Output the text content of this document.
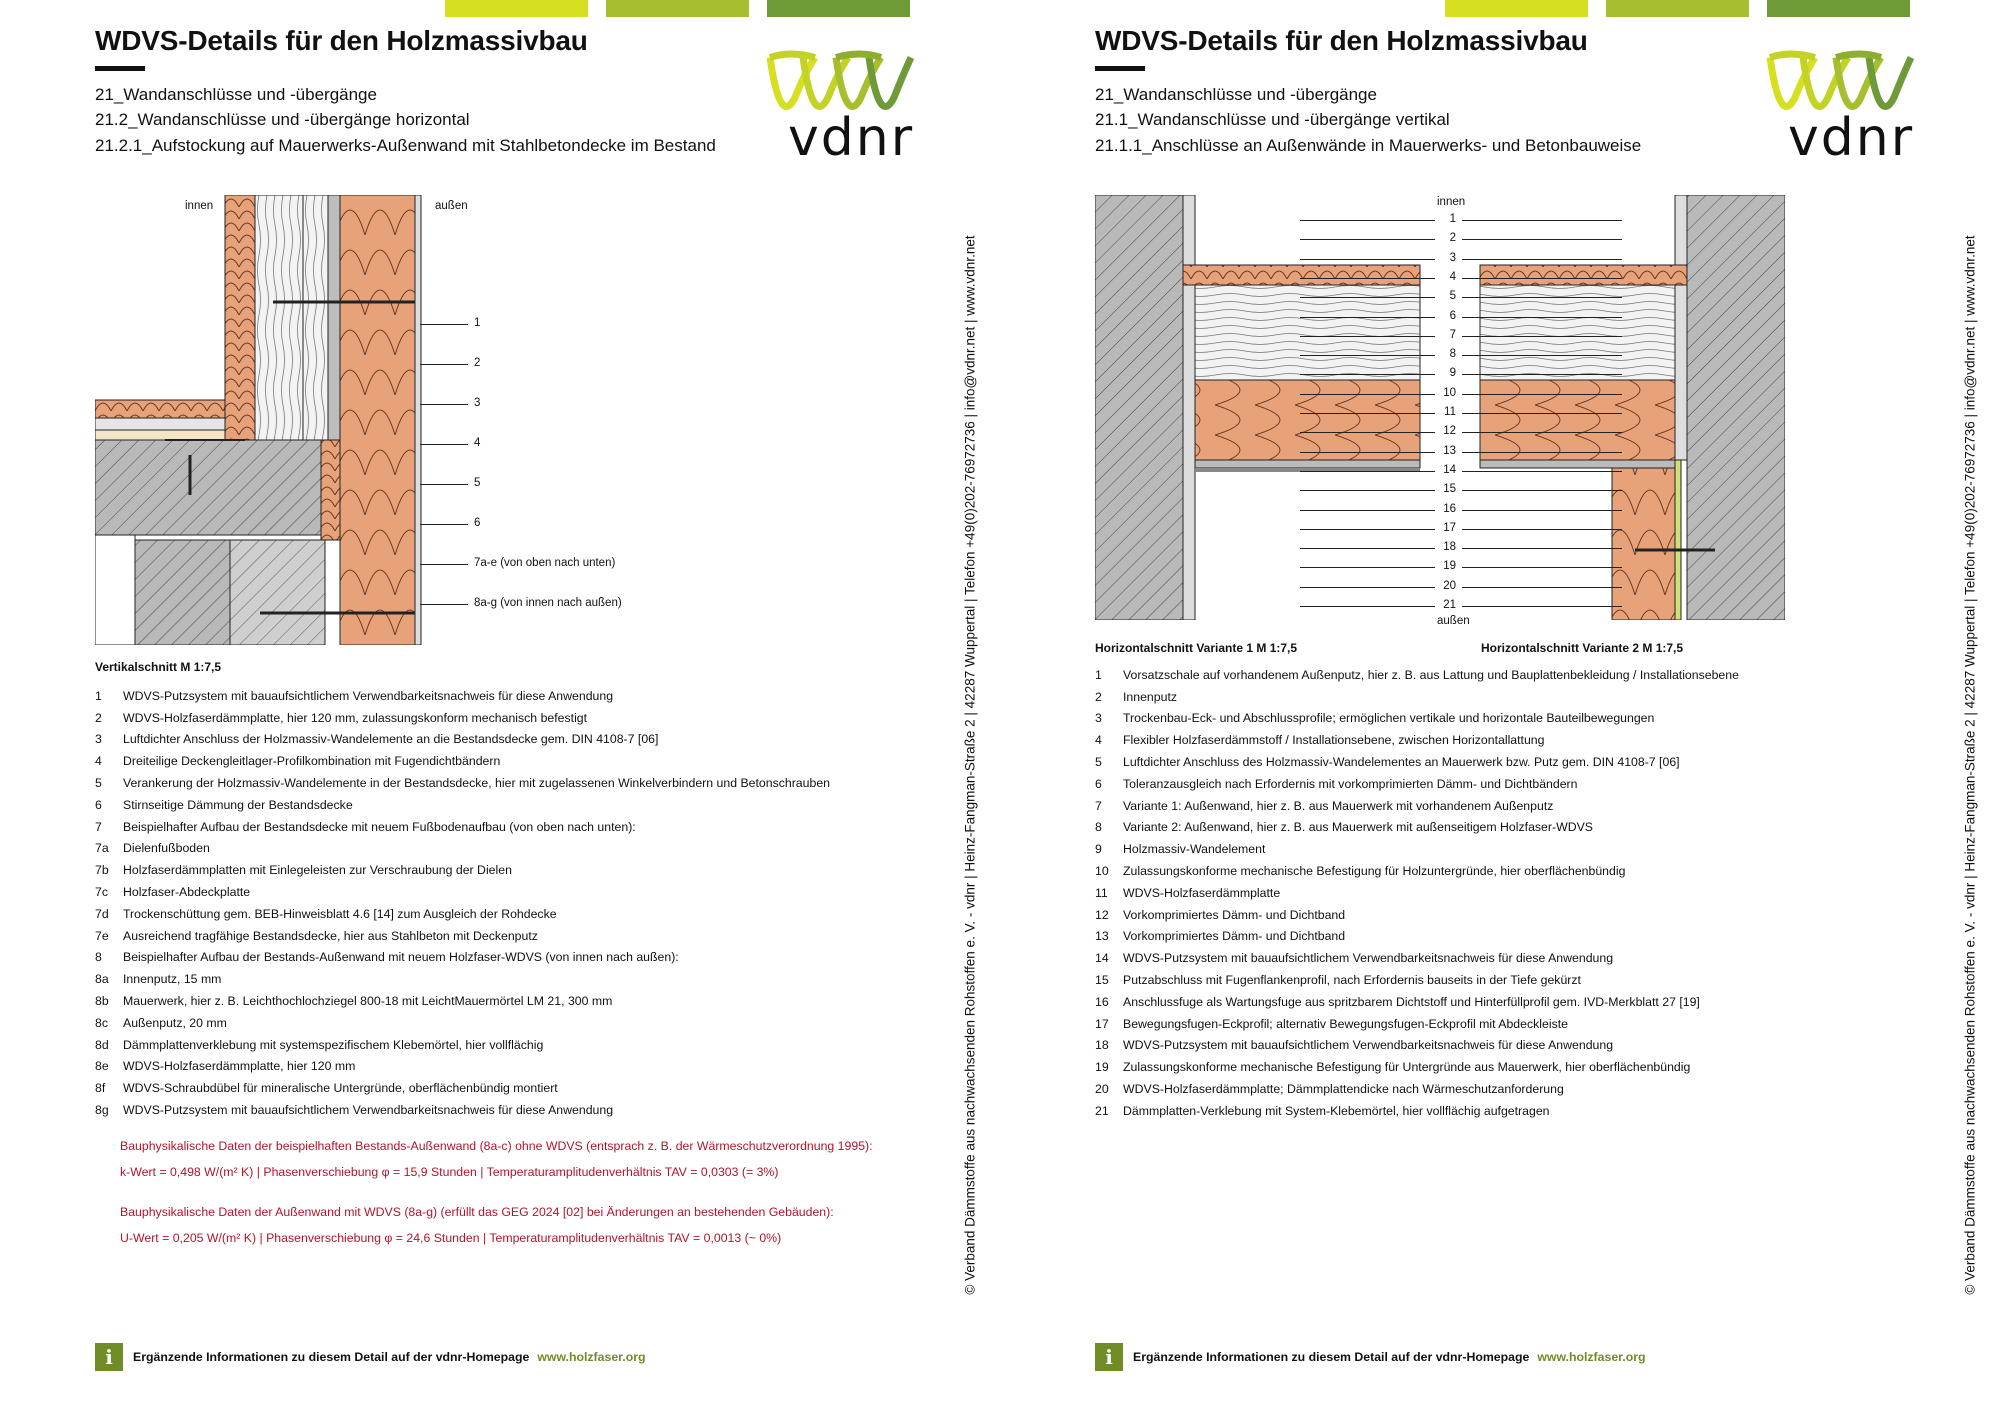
WDVS-Details für den Holzmassivbau
21_Wandanschlüsse und -übergänge
21.2_Wandanschlüsse und -übergänge horizontal
21.2.1_Aufstockung auf Mauerwerks-Außenwand mit Stahlbetondecke im Bestand vdnr
innen	außen
1
2
3
4
5
6
7a-e (von oben nach unten)
8a-g (von innen nach außen)
Vertikalschnitt M 1:7,5
1	WDVS-Putzsystem mit bauaufsichtlichem Verwendbarkeitsnachweis für diese Anwendung
2	WDVS-Holzfaserdämmplatte, hier 120 mm, zulassungskonform mechanisch befestigt
3	Luftdichter Anschluss der Holzmassiv-Wandelemente an die Bestandsdecke gem. DIN 4108-7 [06]
4	Dreiteilige Deckengleitlager-Profilkombination mit Fugendichtbändern
5	Verankerung der Holzmassiv-Wandelemente in der Bestandsdecke, hier mit zugelassenen Winkelverbindern und Betonschrauben
6	Stirnseitige Dämmung der Bestandsdecke
7	Beispielhafter Aufbau der Bestandsdecke mit neuem Fußbodenaufbau (von oben nach unten):
7a	Dielenfußboden
7b	Holzfaserdämmplatten mit Einlegeleisten zur Verschraubung der Dielen
7c	Holzfaser-Abdeckplatte
7d	Trockenschüttung gem. BEB-Hinweisblatt 4.6 [14] zum Ausgleich der Rohdecke
7e	Ausreichend tragfähige Bestandsdecke, hier aus Stahlbeton mit Deckenputz
8	Beispielhafter Aufbau der Bestands-Außenwand mit neuem Holzfaser-WDVS (von innen nach außen):
8a	Innenputz, 15 mm
8b	Mauerwerk, hier z. B. Leichthochlochziegel 800-18 mit LeichtMauermörtel LM 21, 300 mm
8c	Außenputz, 20 mm
8d	Dämmplattenverklebung mit systemspezifischem Klebemörtel, hier vollflächig
8e	WDVS-Holzfaserdämmplatte, hier 120 mm
8f	WDVS-Schraubdübel für mineralische Untergründe, oberflächenbündig montiert
8g	WDVS-Putzsystem mit bauaufsichtlichem Verwendbarkeitsnachweis für diese Anwendung
Bauphysikalische Daten der beispielhaften Bestands-Außenwand (8a-c) ohne WDVS (entsprach z. B. der Wärmeschutzverordnung 1995):
k-Wert = 0,498 W/(m² K) | Phasenverschiebung φ = 15,9 Stunden | Temperaturamplitudenverhältnis TAV = 0,0303 (= 3%)
Bauphysikalische Daten der Außenwand mit WDVS (8a-g) (erfüllt das GEG 2024 [02] bei Änderungen an bestehenden Gebäuden):
U-Wert = 0,205 W/(m² K) | Phasenverschiebung φ = 24,6 Stunden | Temperaturamplitudenverhältnis TAV = 0,0013 (~ 0%)
i	Ergänzende Informationen zu diesem Detail auf der vdnr-Homepage www.holzfaser.org
© Verband Dämmstoffe aus nachwachsenden Rohstoffen e. V. - vdnr | Heinz-Fangman-Straße 2 | 42287 Wuppertal | Telefon +49(0)202-76972736 | info@vdnr.net | www.vdnr.net
WDVS-Details für den Holzmassivbau
21_Wandanschlüsse und -übergänge
21.1_Wandanschlüsse und -übergänge vertikal
21.1.1_Anschlüsse an Außenwände in Mauerwerks- und Betonbauweise	vdnr
innen
außen
1
2
3
4
5
6
7
8
9
10
11
12
13
14
15
16
17
18
19
20
21
Horizontalschnitt Variante 1 M 1:7,5	Horizontalschnitt Variante 2 M 1:7,5
1	Vorsatzschale auf vorhandenem Außenputz, hier z. B. aus Lattung und Bauplattenbekleidung / Installationsebene
2	Innenputz
3	Trockenbau-Eck- und Abschlussprofile; ermöglichen vertikale und horizontale Bauteilbewegungen
4	Flexibler Holzfaserdämmstoff / Installationsebene, zwischen Horizontallattung
5	Luftdichter Anschluss des Holzmassiv-Wandelementes an Mauerwerk bzw. Putz gem. DIN 4108-7 [06]
6	Toleranzausgleich nach Erfordernis mit vorkomprimierten Dämm- und Dichtbändern
7	Variante 1: Außenwand, hier z. B. aus Mauerwerk mit vorhandenem Außenputz
8	Variante 2: Außenwand, hier z. B. aus Mauerwerk mit außenseitigem Holzfaser-WDVS
9	Holzmassiv-Wandelement
10	Zulassungskonforme mechanische Befestigung für Holzuntergründe, hier oberflächenbündig
11	WDVS-Holzfaserdämmplatte
12	Vorkomprimiertes Dämm- und Dichtband
13	Vorkomprimiertes Dämm- und Dichtband
14	WDVS-Putzsystem mit bauaufsichtlichem Verwendbarkeitsnachweis für diese Anwendung
15	Putzabschluss mit Fugenflankenprofil, nach Erfordernis bauseits in der Tiefe gekürzt
16	Anschlussfuge als Wartungsfuge aus spritzbarem Dichtstoff und Hinterfüllprofil gem. IVD-Merkblatt 27 [19]
17	Bewegungsfugen-Eckprofil; alternativ Bewegungsfugen-Eckprofil mit Abdeckleiste
18	WDVS-Putzsystem mit bauaufsichtlichem Verwendbarkeitsnachweis für diese Anwendung
19	Zulassungskonforme mechanische Befestigung für Untergründe aus Mauerwerk, hier oberflächenbündig
20	WDVS-Holzfaserdämmplatte; Dämmplattendicke nach Wärmeschutzanforderung
21	Dämmplatten-Verklebung mit System-Klebemörtel, hier vollflächig aufgetragen
i	Ergänzende Informationen zu diesem Detail auf der vdnr-Homepage www.holzfaser.org
© Verband Dämmstoffe aus nachwachsenden Rohstoffen e. V. - vdnr | Heinz-Fangman-Straße 2 | 42287 Wuppertal | Telefon +49(0)202-76972736 | info@vdnr.net | www.vdnr.net
